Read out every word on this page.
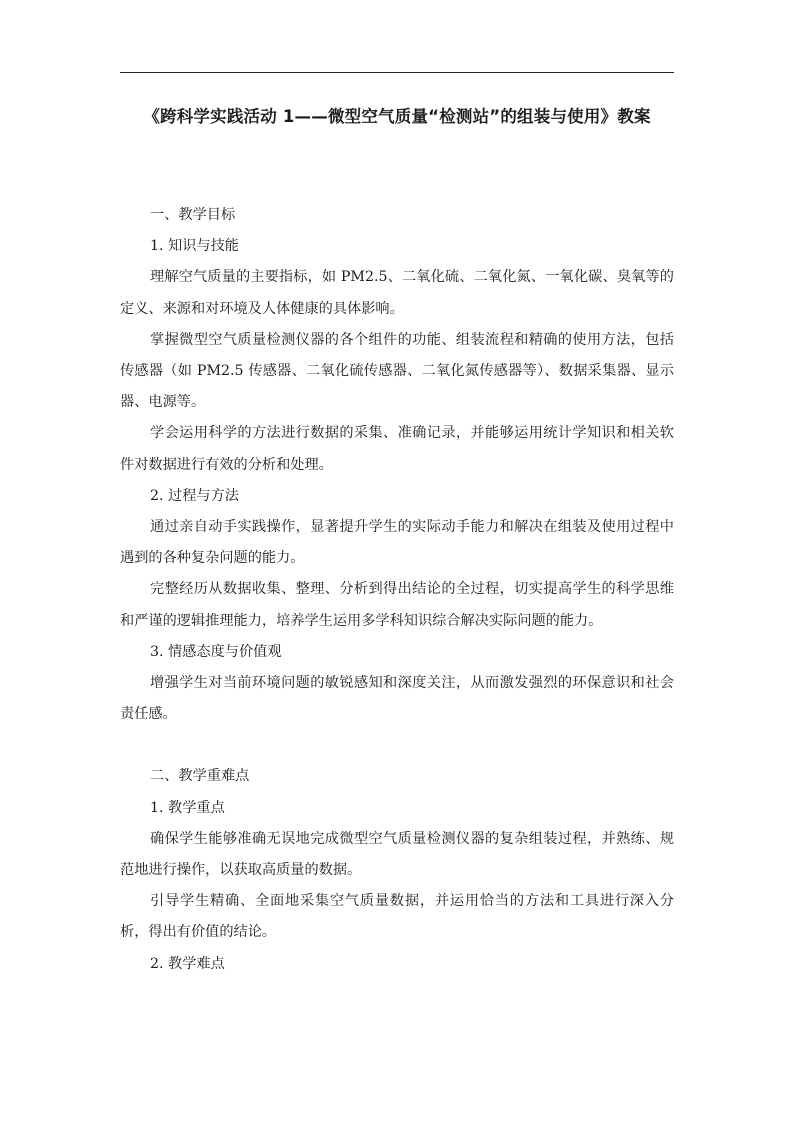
《跨科学实践活动 1——微型空气质量“检测站”的组装与使用》教案

一、教学目标

1. 知识与技能

理解空气质量的主要指标，如 PM2.5、二氧化硫、二氧化氮、一氧化碳、臭氧等的定义、来源和对环境及人体健康的具体影响。

掌握微型空气质量检测仪器的各个组件的功能、组装流程和精确的使用方法，包括传感器（如 PM2.5 传感器、二氧化硫传感器、二氧化氮传感器等）、数据采集器、显示器、电源等。

学会运用科学的方法进行数据的采集、准确记录，并能够运用统计学知识和相关软件对数据进行有效的分析和处理。

2. 过程与方法

通过亲自动手实践操作，显著提升学生的实际动手能力和解决在组装及使用过程中遇到的各种复杂问题的能力。

完整经历从数据收集、整理、分析到得出结论的全过程，切实提高学生的科学思维和严谨的逻辑推理能力，培养学生运用多学科知识综合解决实际问题的能力。

3. 情感态度与价值观

增强学生对当前环境问题的敏锐感知和深度关注，从而激发强烈的环保意识和社会责任感。

二、教学重难点

1. 教学重点

确保学生能够准确无误地完成微型空气质量检测仪器的复杂组装过程，并熟练、规范地进行操作，以获取高质量的数据。

引导学生精确、全面地采集空气质量数据，并运用恰当的方法和工具进行深入分析，得出有价值的结论。

2. 教学难点
